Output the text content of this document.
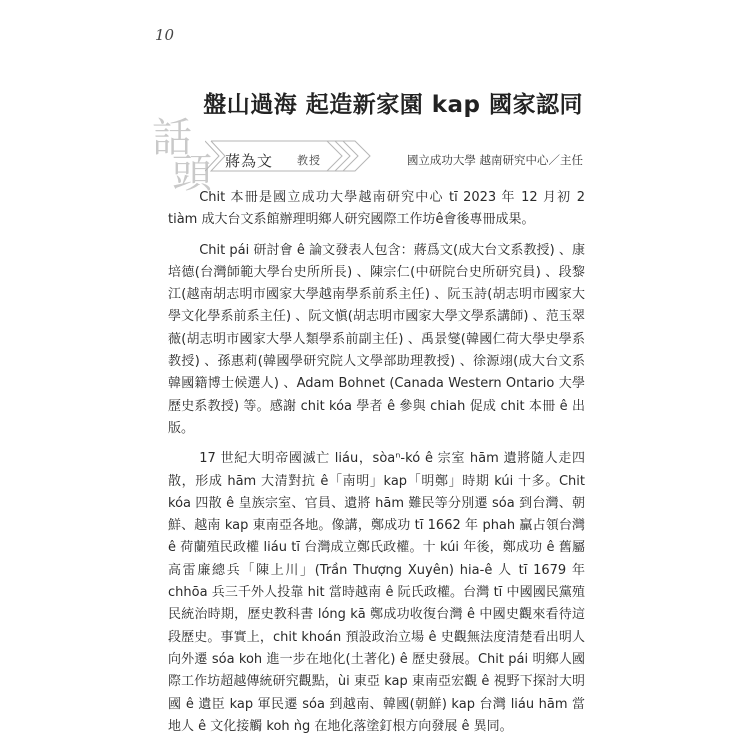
10
盤山過海 起造新家園 kap 國家認同
話
頭 蔣為文 教授	國立成功大學 越南研究中心／主任

Chit 本冊是國立成功大學越南研究中心 tī 2023 年 12 月初 2 tiàm 成大台文系館辦理明鄉人研究國際工作坊ê會後專冊成果。

Chit pái 研討會 ê 論文發表人包含：蔣爲文(成大台文系教授) 、康培德(台灣師範大學台史所所長) 、陳宗仁(中研院台史所研究員) 、段黎江(越南胡志明市國家大學越南學系前系主任) 、阮玉詩(胡志明市國家大學文化學系前系主任) 、阮文愼(胡志明市國家大學文學系講師) 、范玉翠薇(胡志明市國家大學人類學系前副主任) 、禹景燮(韓國仁荷大學史學系教授) 、孫惠莉(韓國學研究院人文學部助理教授) 、徐源翊(成大台文系韓國籍博士候選人) 、Adam Bohnet (Canada Western Ontario 大學歷史系教授) 等。感謝 chit kóa 學者 ê 參與 chiah 促成 chit 本冊 ê 出版。

17 世紀大明帝國滅亡 liáu，sòaⁿ-kó ê 宗室 hām 遺將隨人走四散，形成 hām 大清對抗 ê「南明」kap「明鄭」時期 kúi 十多。Chit kóa 四散 ê 皇族宗室、官員、遺將 hām 難民等分別遷 sóa 到台灣、朝鮮、越南 kap 東南亞各地。像講，鄭成功 tī 1662 年 phah 贏占領台灣 ê 荷蘭殖民政權 liáu tī 台灣成立鄭氏政權。十 kúi 年後，鄭成功 ê 舊屬高雷廉總兵「陳上川」(Trần Thượng Xuyên) hia-ê 人 tī 1679 年 chhōa 兵三千外人投靠 hit 當時越南 ê 阮氏政權。台灣 tī 中國國民黨殖民統治時期，歷史教科書 lóng kā 鄭成功收復台灣 ê 中國史觀來看待這段歷史。事實上，chit khoán 預設政治立場 ê 史觀無法度清楚看出明人向外遷 sóa koh 進一步在地化(土著化) ê 歷史發展。Chit pái 明鄉人國際工作坊超越傳統研究觀點，ùi 東亞 kap 東南亞宏觀 ê 視野下探討大明國 ê 遺臣 kap 軍民遷 sóa 到越南、韓國(朝鮮) kap 台灣 liáu hām 當地人 ê 文化接觸 koh ǹg 在地化落塗釘根方向發展 ê 異同。
